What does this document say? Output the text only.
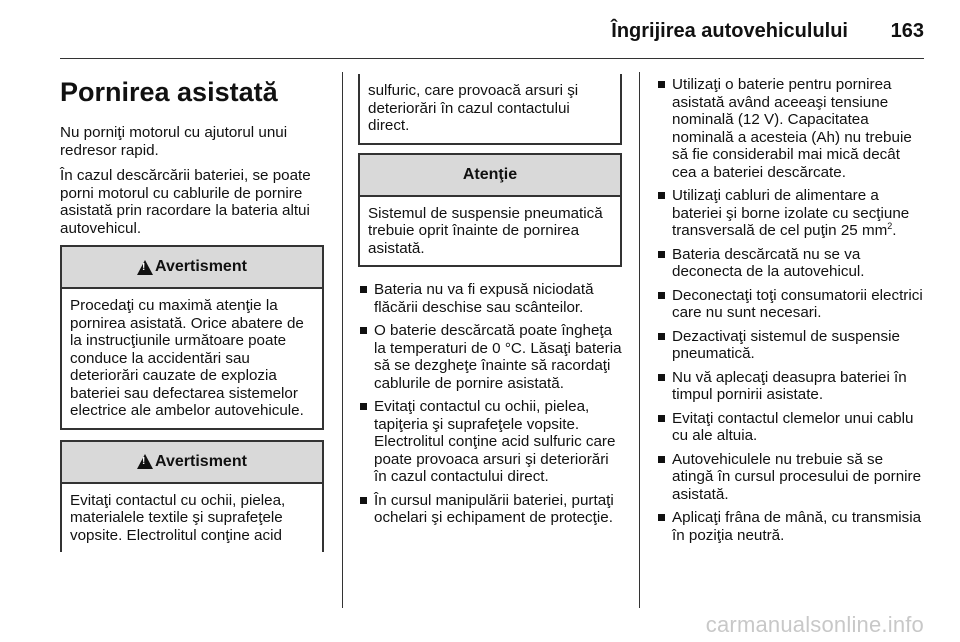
Îngrijirea autovehiculului	163
Pornirea asistată

Nu porniţi motorul cu ajutorul unui redresor rapid.

În cazul descărcării bateriei, se poate porni motorul cu cablurile de pornire asistată prin racordare la bateria altui autovehicul.

!
Avertisment
Procedaţi cu maximă atenţie la pornirea asistată. Orice abatere de la instrucţiunile următoare poate conduce la accidentări sau deteriorări cauzate de explozia bateriei sau defectarea sistemelor electrice ale ambelor autovehicule.
!
Avertisment
Evitaţi contactul cu ochii, pielea, materialele textile şi suprafeţele vopsite. Electrolitul conţine acid
sulfuric, care provoacă arsuri şi deteriorări în cazul contactului direct.
Atenţie
Sistemul de suspensie pneumatică trebuie oprit înainte de pornirea asistată.
Bateria nu va fi expusă niciodată flăcării deschise sau scânteilor.
O baterie descărcată poate îngheţa la temperaturi de 0 °C. Lăsaţi bateria să se dezgheţe înainte să racordaţi cablurile de pornire asistată.
Evitaţi contactul cu ochii, pielea, tapiţeria şi suprafeţele vopsite. Electrolitul conţine acid sulfuric care poate provoaca arsuri şi deteriorări în cazul contactului direct.
În cursul manipulării bateriei, purtaţi ochelari şi echipament de protecţie.
Utilizaţi o baterie pentru pornirea asistată având aceeaşi tensiune nominală (12 V). Capacitatea nominală a acesteia (Ah) nu trebuie să fie considerabil mai mică decât cea a bateriei descărcate.
Utilizaţi cabluri de alimentare a bateriei şi borne izolate cu secţiune transversală de cel puţin 25 $mm^2$.
Bateria descărcată nu se va deconecta de la autovehicul.
Deconectaţi toţi consumatorii electrici care nu sunt necesari.
Dezactivaţi sistemul de suspensie pneumatică.
Nu vă aplecaţi deasupra bateriei în timpul pornirii asistate.
Evitaţi contactul clemelor unui cablu cu ale altuia.
Autovehiculele nu trebuie să se atingă în cursul procesului de pornire asistată.
Aplicaţi frâna de mână, cu transmisia în poziţia neutră.
carmanualsonline.info
